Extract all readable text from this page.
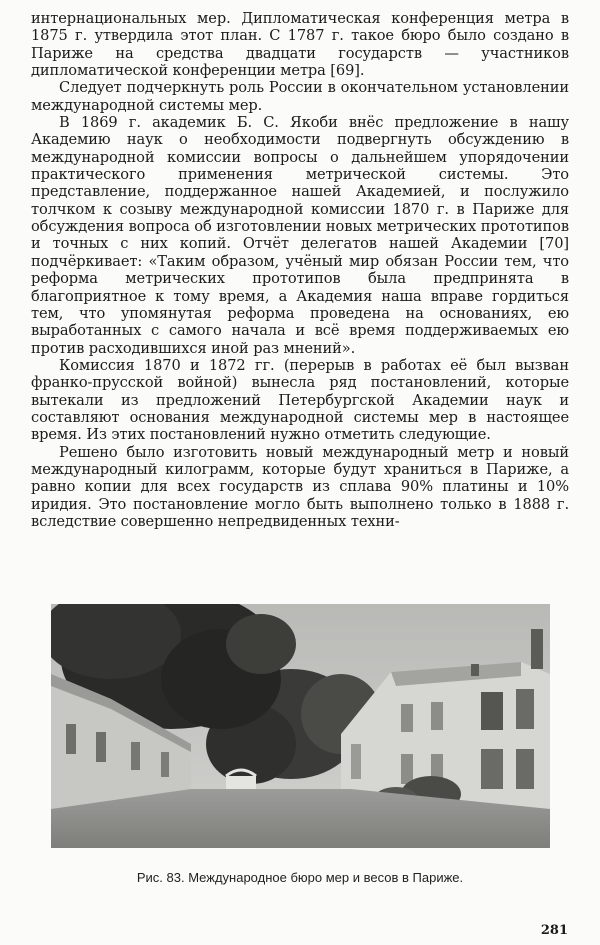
интернациональных мер. Дипломатическая конференция метра в 1875 г. утвердила этот план. С 1787 г. такое бюро было создано в Париже на средства двадцати государств — участников дипломатической конференции метра [69].

Следует подчеркнуть роль России в окончательном установлении международной системы мер.

В 1869 г. академик Б. С. Якоби внёс предложение в нашу Академию наук о необходимости подвергнуть обсуждению в международной комиссии вопросы о дальнейшем упорядочении практического применения метрической системы. Это представление, поддержанное нашей Академией, и послужило толчком к созыву международной комиссии 1870 г. в Париже для обсуждения вопроса об изготовлении новых метрических прототипов и точных с них копий. Отчёт делегатов нашей Академии [70] подчёркивает: «Таким образом, учёный мир обязан России тем, что реформа метрических прототипов была предпринята в благоприятное к тому время, а Академия наша вправе гордиться тем, что упомянутая реформа проведена на основаниях, ею выработанных с самого начала и всё время поддерживаемых ею против расходившихся иной раз мнений».

Комиссия 1870 и 1872 гг. (перерыв в работах её был вызван франко-прусской войной) вынесла ряд постановлений, которые вытекали из предложений Петербургской Академии наук и составляют основания международной системы мер в настоящее время. Из этих постановлений нужно отметить следующие.

Решено было изготовить новый международный метр и новый международный килограмм, которые будут храниться в Париже, а равно копии для всех государств из сплава 90% платины и 10% иридия. Это постановление могло быть выполнено только в 1888 г. вследствие совершенно непредвиденных техни-

Рис. 83. Международное бюро мер и весов в Париже.
281
